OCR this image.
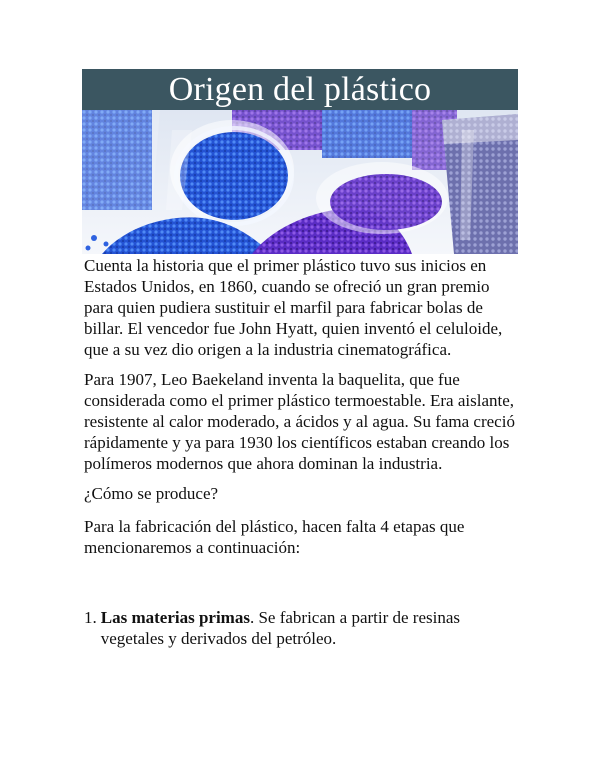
Origen del plástico

Cuenta la historia que el primer plástico tuvo sus inicios en Estados Unidos, en 1860, cuando se ofreció un gran premio para quien pudiera sustituir el marfil para fabricar bolas de billar. El vencedor fue John Hyatt, quien inventó el celuloide, que a su vez dio origen a la industria cinematográfica.

Para 1907, Leo Baekeland inventa la baquelita, que fue considerada como el primer plástico termoestable. Era aislante, resistente al calor moderado, a ácidos y al agua. Su fama creció rápidamente y ya para 1930 los científicos estaban creando los polímeros modernos que ahora dominan la industria.

¿Cómo se produce?

Para la fabricación del plástico, hacen falta 4 etapas que mencionaremos a continuación:

1. Las materias primas. Se fabrican a partir de resinas vegetales y derivados del petróleo.
